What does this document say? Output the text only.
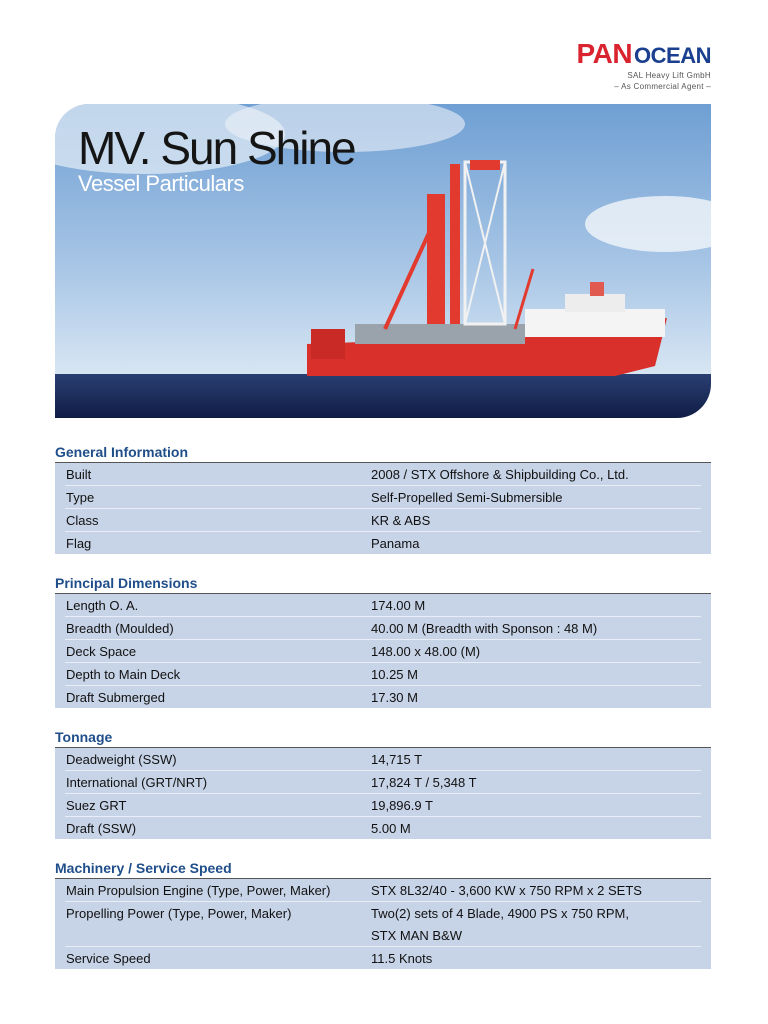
PANOCEAN
SAL Heavy Lift GmbH
– As Commercial Agent –
MV. Sun Shine
Vessel Particulars
General Information
Built	2008 / STX Offshore & Shipbuilding Co., Ltd.
Type	Self-Propelled Semi-Submersible
Class	KR & ABS
Flag	Panama
Principal Dimensions
Length O. A.	174.00 M
Breadth (Moulded)	40.00 M (Breadth with Sponson : 48 M)
Deck Space	148.00 x 48.00 (M)
Depth to Main Deck	10.25 M
Draft Submerged	17.30 M
Tonnage
Deadweight (SSW)	14,715 T
International (GRT/NRT)	17,824 T / 5,348 T
Suez GRT	19,896.9 T
Draft (SSW)	5.00 M
Machinery / Service Speed
Main Propulsion Engine (Type, Power, Maker)	STX 8L32/40 - 3,600 KW x 750 RPM x 2 SETS
Propelling Power (Type, Power, Maker)	Two(2) sets of 4 Blade, 4900 PS x 750 RPM,
STX MAN B&W
Service Speed	11.5 Knots
